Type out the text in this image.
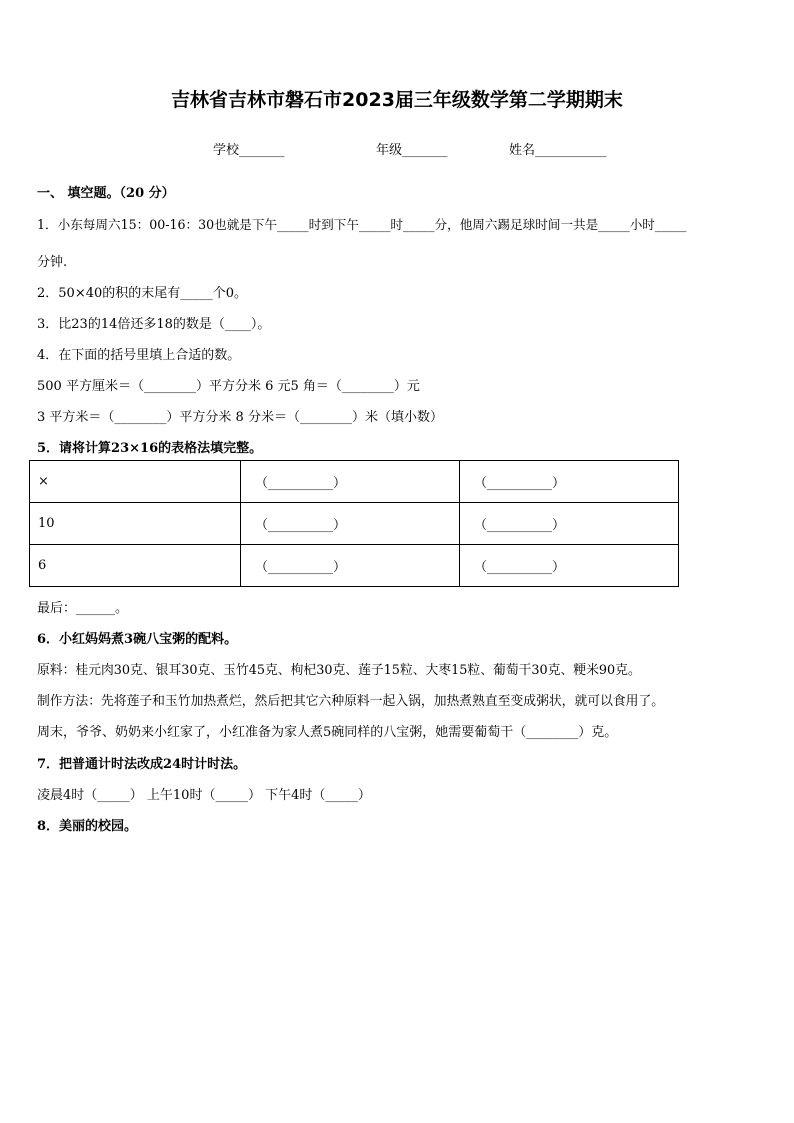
吉林省吉林市磐石市2023届三年级数学第二学期期末
学校_______	年级_______	姓名___________
一、 填空题。（20 分）
1．小东每周六15：00-16：30也就是下午_____时到下午_____时_____分，他周六踢足球时间一共是_____小时_____
分钟.
2．50×40的积的末尾有_____个0。
3．比23的14倍还多18的数是（____）。
4．在下面的括号里填上合适的数。
500 平方厘米＝（________）平方分米 6 元5 角＝（________）元
3 平方米＝（________）平方分米 8 分米＝（________）米（填小数）
5．请将计算23×16的表格法填完整。
×	（__________）	（__________）
10	（__________）	（__________）
6	（__________）	（__________）
最后：______。
6．小红妈妈煮3碗八宝粥的配料。
原料：桂元肉30克、银耳30克、玉竹45克、枸杞30克、莲子15粒、大枣15粒、葡萄干30克、粳米90克。
制作方法：先将莲子和玉竹加热煮烂，然后把其它六种原料一起入锅，加热煮熟直至变成粥状，就可以食用了。
周末，爷爷、奶奶来小红家了，小红准备为家人煮5碗同样的八宝粥，她需要葡萄干（________）克。
7．把普通计时法改成24时计时法。
凌晨4时（_____） 上午10时（_____） 下午4时（_____）
8．美丽的校园。
